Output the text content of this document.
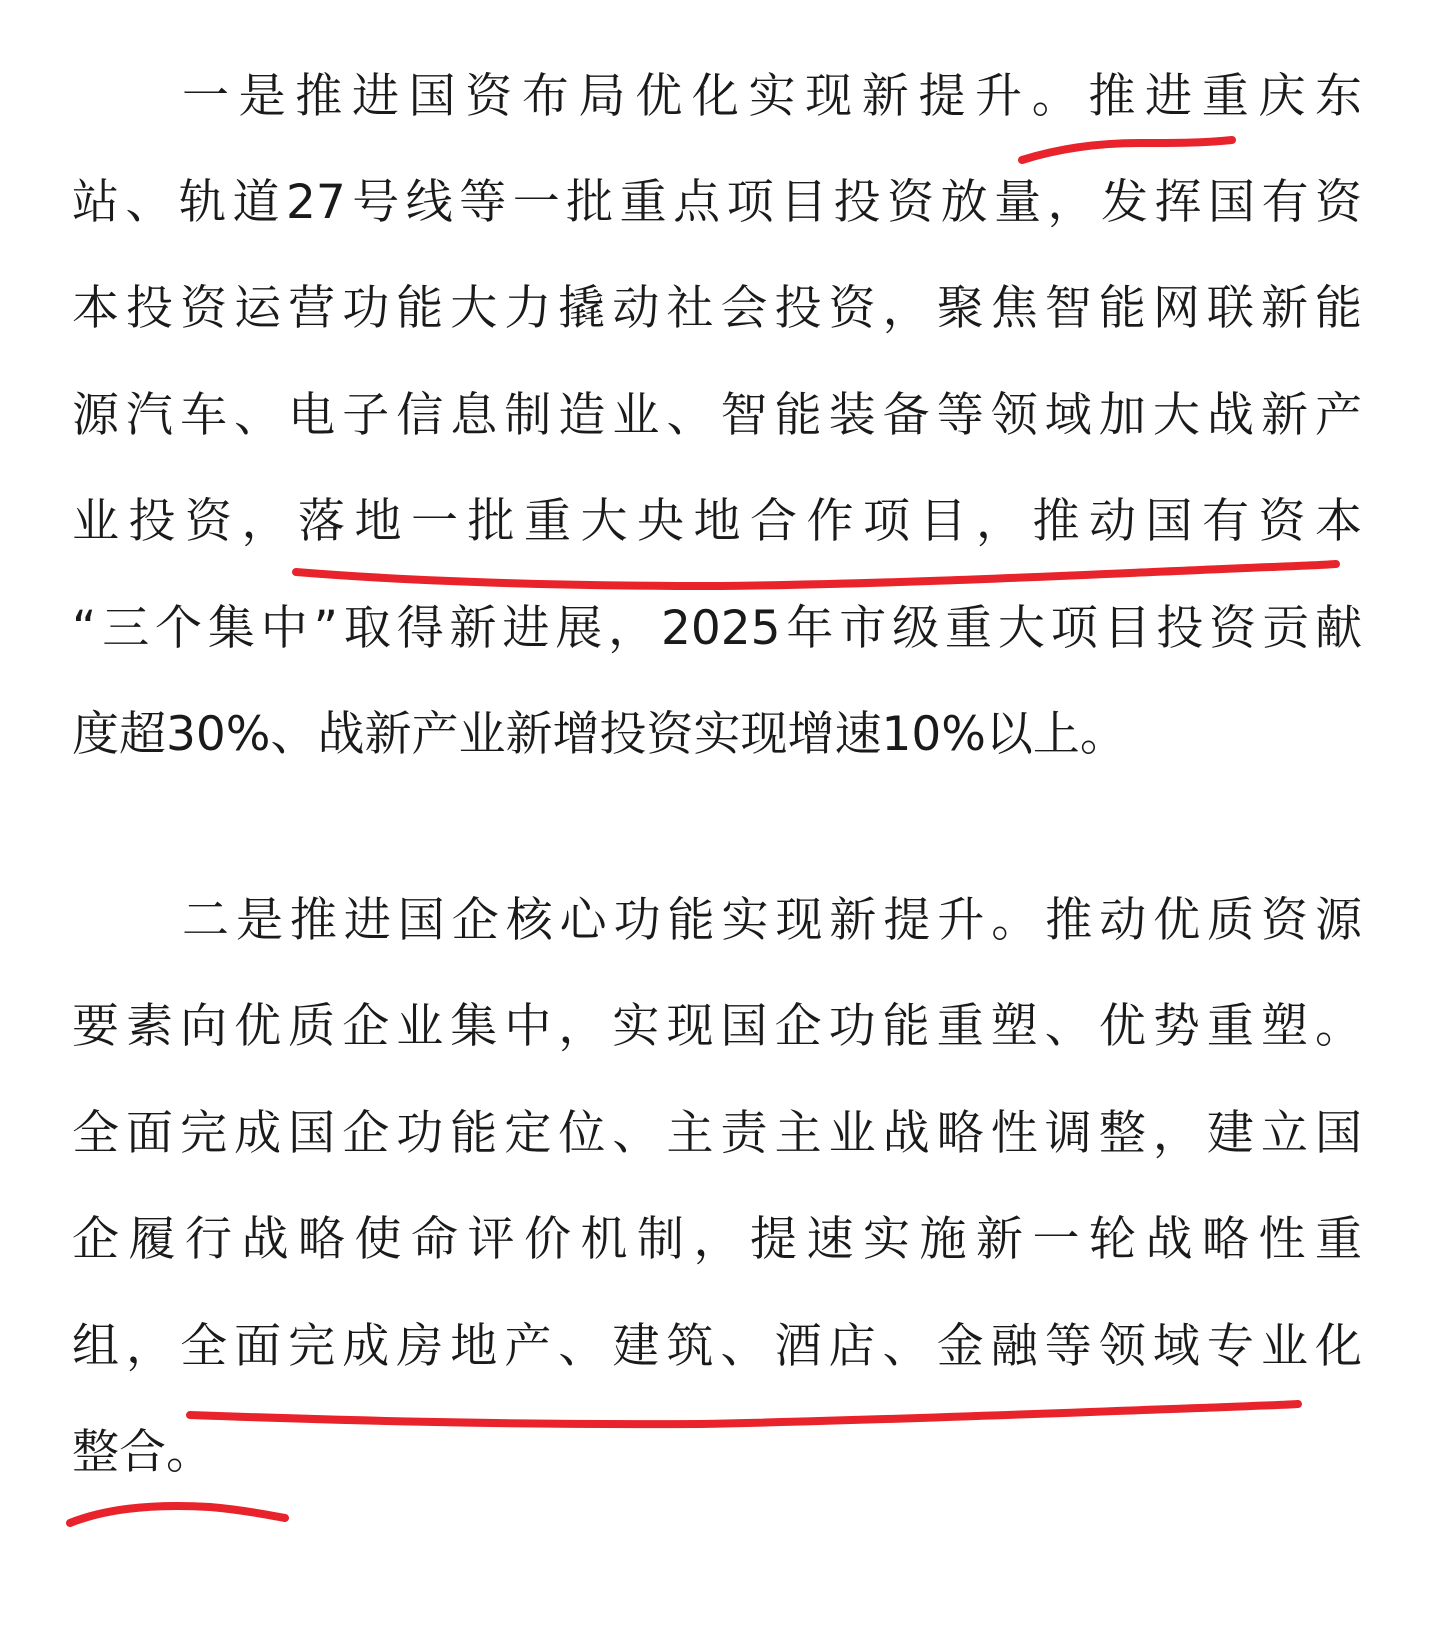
一是推进国资布局优化实现新提升。推进重庆东
站、轨道27号线等一批重点项目投资放量，发挥国有资
本投资运营功能大力撬动社会投资，聚焦智能网联新能
源汽车、电子信息制造业、智能装备等领域加大战新产
业投资，落地一批重大央地合作项目，推动国有资本
“三个集中”取得新进展，2025年市级重大项目投资贡献
度超30%、战新产业新增投资实现增速10%以上。
二是推进国企核心功能实现新提升。推动优质资源
要素向优质企业集中，实现国企功能重塑、优势重塑。
全面完成国企功能定位、主责主业战略性调整，建立国
企履行战略使命评价机制，提速实施新一轮战略性重
组，全面完成房地产、建筑、酒店、金融等领域专业化
整合。
